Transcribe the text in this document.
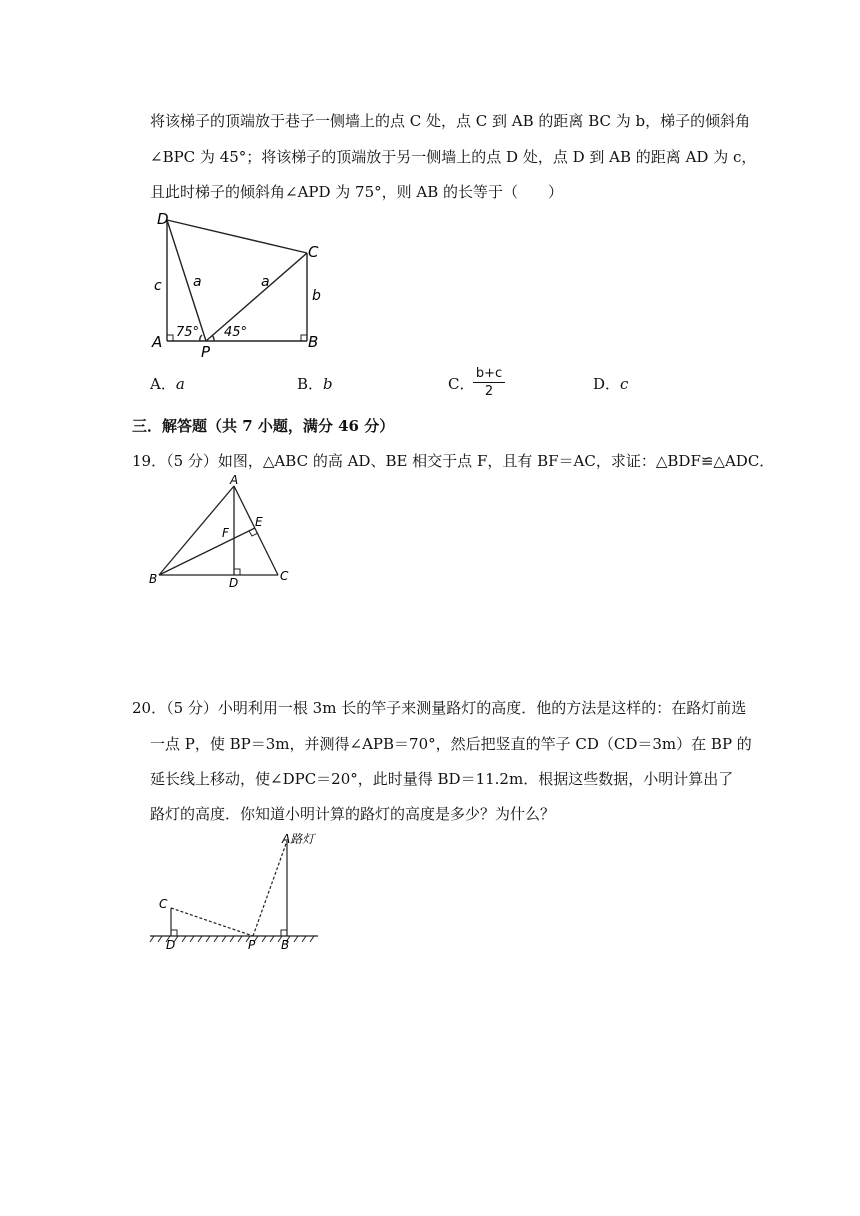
将该梯子的顶端放于巷子一侧墙上的点 C 处，点 C 到 AB 的距离 BC 为 b，梯子的倾斜角
∠BPC 为 45°；将该梯子的顶端放于另一侧墙上的点 D 处，点 D 到 AB 的距离 AD 为 c，
且此时梯子的倾斜角∠APD 为 75°，则 AB 的长等于（　　）
D
C
A
P
B
a	a
c
b
75° 45°
A．a	B．b	C．
b+c
2	D．c
三．解答题（共 7 小题，满分 46 分）
19．（5 分）如图，△ABC 的高 AD、BE 相交于点 F，且有 BF＝AC，求证：△BDF≌△ADC．
A
E
F
B	D	C
20．（5 分）小明利用一根 3m 长的竿子来测量路灯的高度．他的方法是这样的：在路灯前选
一点 P，使 BP＝3m，并测得∠APB＝70°，然后把竖直的竿子 CD（CD＝3m）在 BP 的
延长线上移动，使∠DPC＝20°，此时量得 BD＝11.2m．根据这些数据，小明计算出了
路灯的高度．你知道小明计算的路灯的高度是多少？为什么？
A路灯
C
D	P B
